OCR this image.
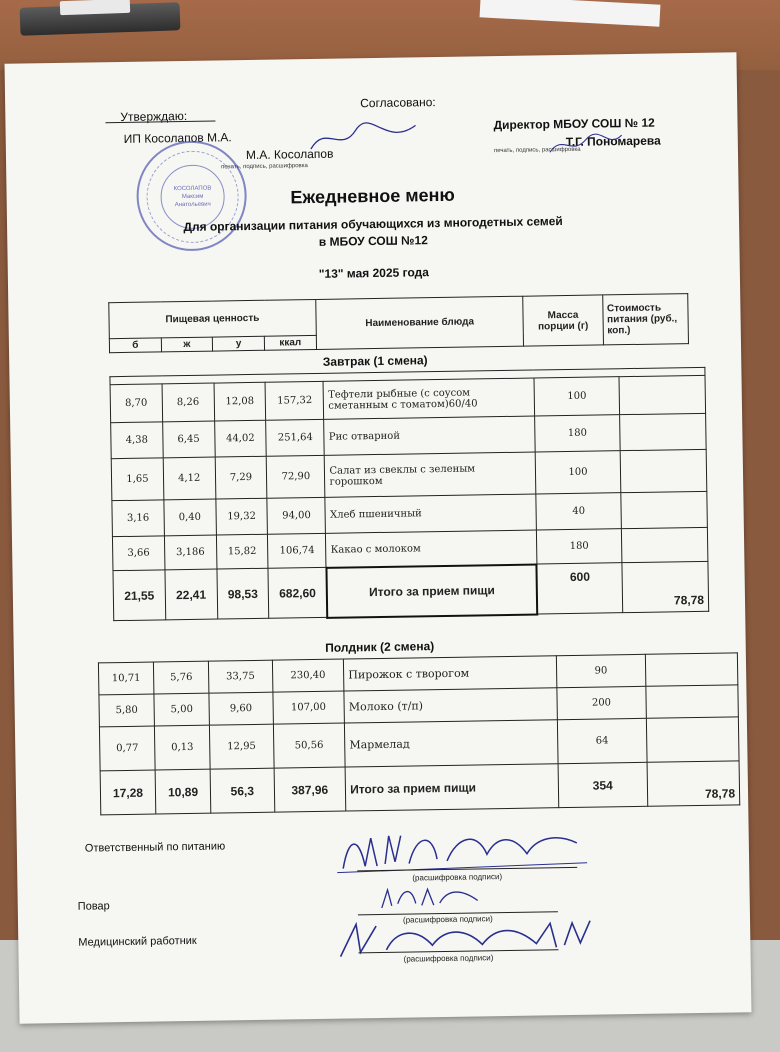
Утверждаю:
ИП Косолапов М.А.
М.А. Косолапов
печать, подпись, расшифровка
Согласовано:
Директор МБОУ СОШ № 12
Т.Г. Пономарева
печать, подпись, расшифровка
КОСОЛАПОВ
Максим
Анатольевич	Ежедневное меню
Для организации питания обучающихся из многодетных семей
в МБОУ СОШ №12
"13" мая 2025 года
Пищевая ценность				Наименование блюда	Масса порции (г)	Стоимость питания (руб., коп.)
б	ж	у	ккал			
Завтрак (1 смена)

8,70	8,26	12,08	157,32	Тефтели рыбные (с соусом сметанным с томатом)60/40	100	
4,38	6,45	44,02	251,64	Рис отварной	180	
1,65	4,12	7,29	72,90	Салат из свеклы с зеленым горошком	100	
3,16	0,40	19,32	94,00	Хлеб пшеничный	40	
3,66	3,186	15,82	106,74	Какао с молоком	180	
21,55	22,41	98,53	682,60	Итого за прием пищи	600	78,78
Полдник (2 смена)
10,71	5,76	33,75	230,40	Пирожок с творогом	90	
5,80	5,00	9,60	107,00	Молоко (т/п)	200	
0,77	0,13	12,95	50,56	Мармелад	64	
17,28	10,89	56,3	387,96	Итого за прием пищи	354	78,78
Ответственный по питанию
(расшифровка подписи)
Повар
(расшифровка подписи)
Медицинский работник
(расшифровка подписи)
